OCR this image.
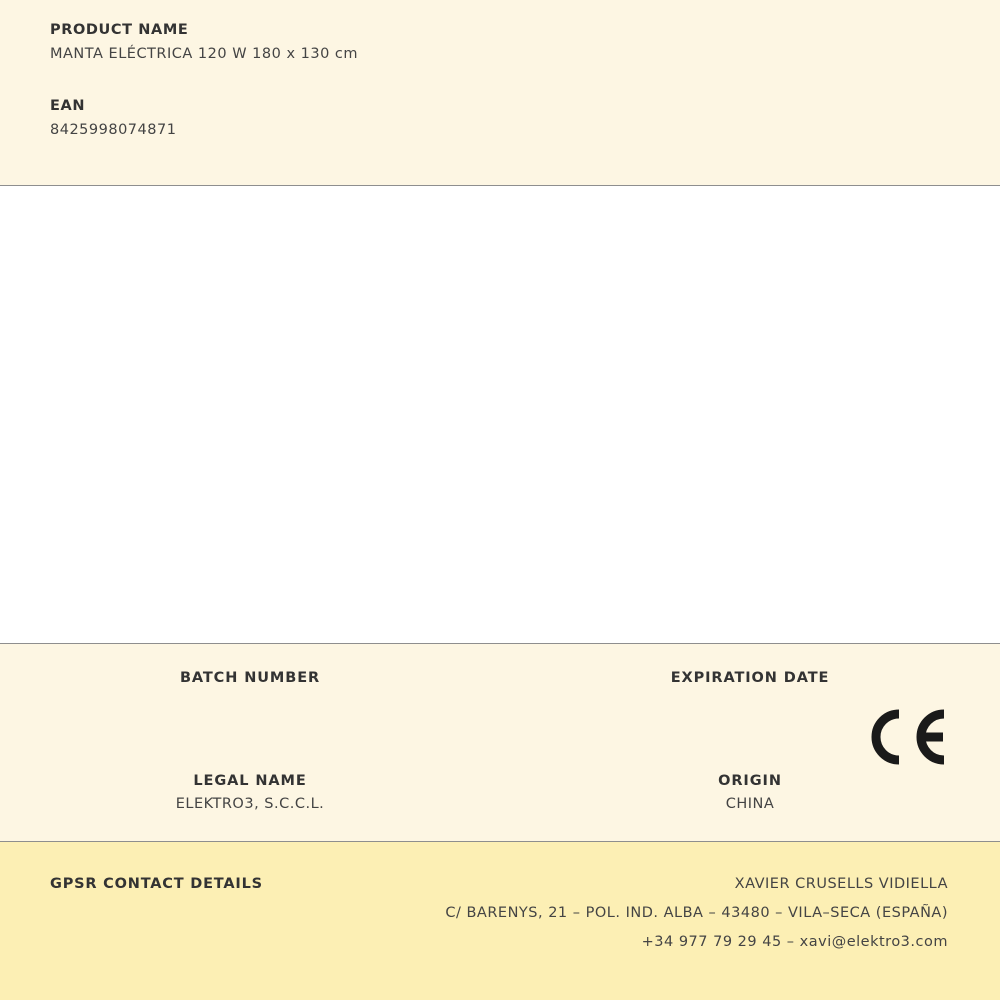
PRODUCT NAME

MANTA ELÉCTRICA 120 W 180 x 130 cm

EAN

8425998074871

BATCH NUMBER	EXPIRATION DATE

LEGAL NAME

ELEKTRO3, S.C.C.L.

ORIGIN

CHINA

GPSR CONTACT DETAILS	XAVIER CRUSELLS VIDIELLA

C/ BARENYS, 21 – POL. IND. ALBA – 43480 – VILA–SECA (ESPAÑA)

+34 977 79 29 45 – xavi@elektro3.com
